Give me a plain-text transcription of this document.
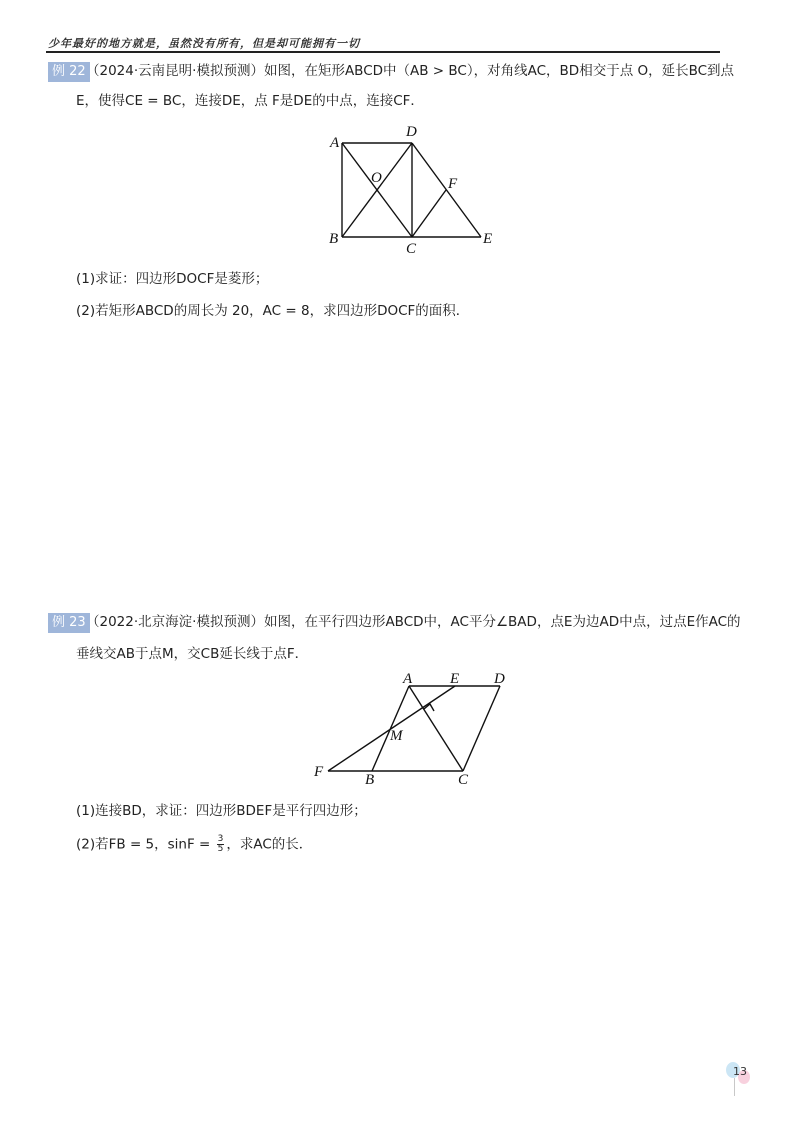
少年最好的地方就是，虽然没有所有，但是却可能拥有一切
例 22 （2024·云南昆明·模拟预测）如图，在矩形ABCD中（AB > BC），对角线AC，BD相交于点 O，延长BC到点
E，使得CE = BC，连接DE，点 F是DE的中点，连接CF．
A
D
B
C
E
F
O
(1)求证：四边形DOCF是菱形；
(2)若矩形ABCD的周长为 20，AC = 8，求四边形DOCF的面积．
例 23 （2022·北京海淀·模拟预测）如图，在平行四边形ABCD中，AC平分∠BAD，点E为边AD中点，过点E作AC的
垂线交AB于点M，交CB延长线于点F．
A	E D
M
F	B	C
(1)连接BD，求证：四边形BDEF是平行四边形；
(2)若FB = 5，$\sin F = \frac{3}{5}$ ，求AC的长．
13
